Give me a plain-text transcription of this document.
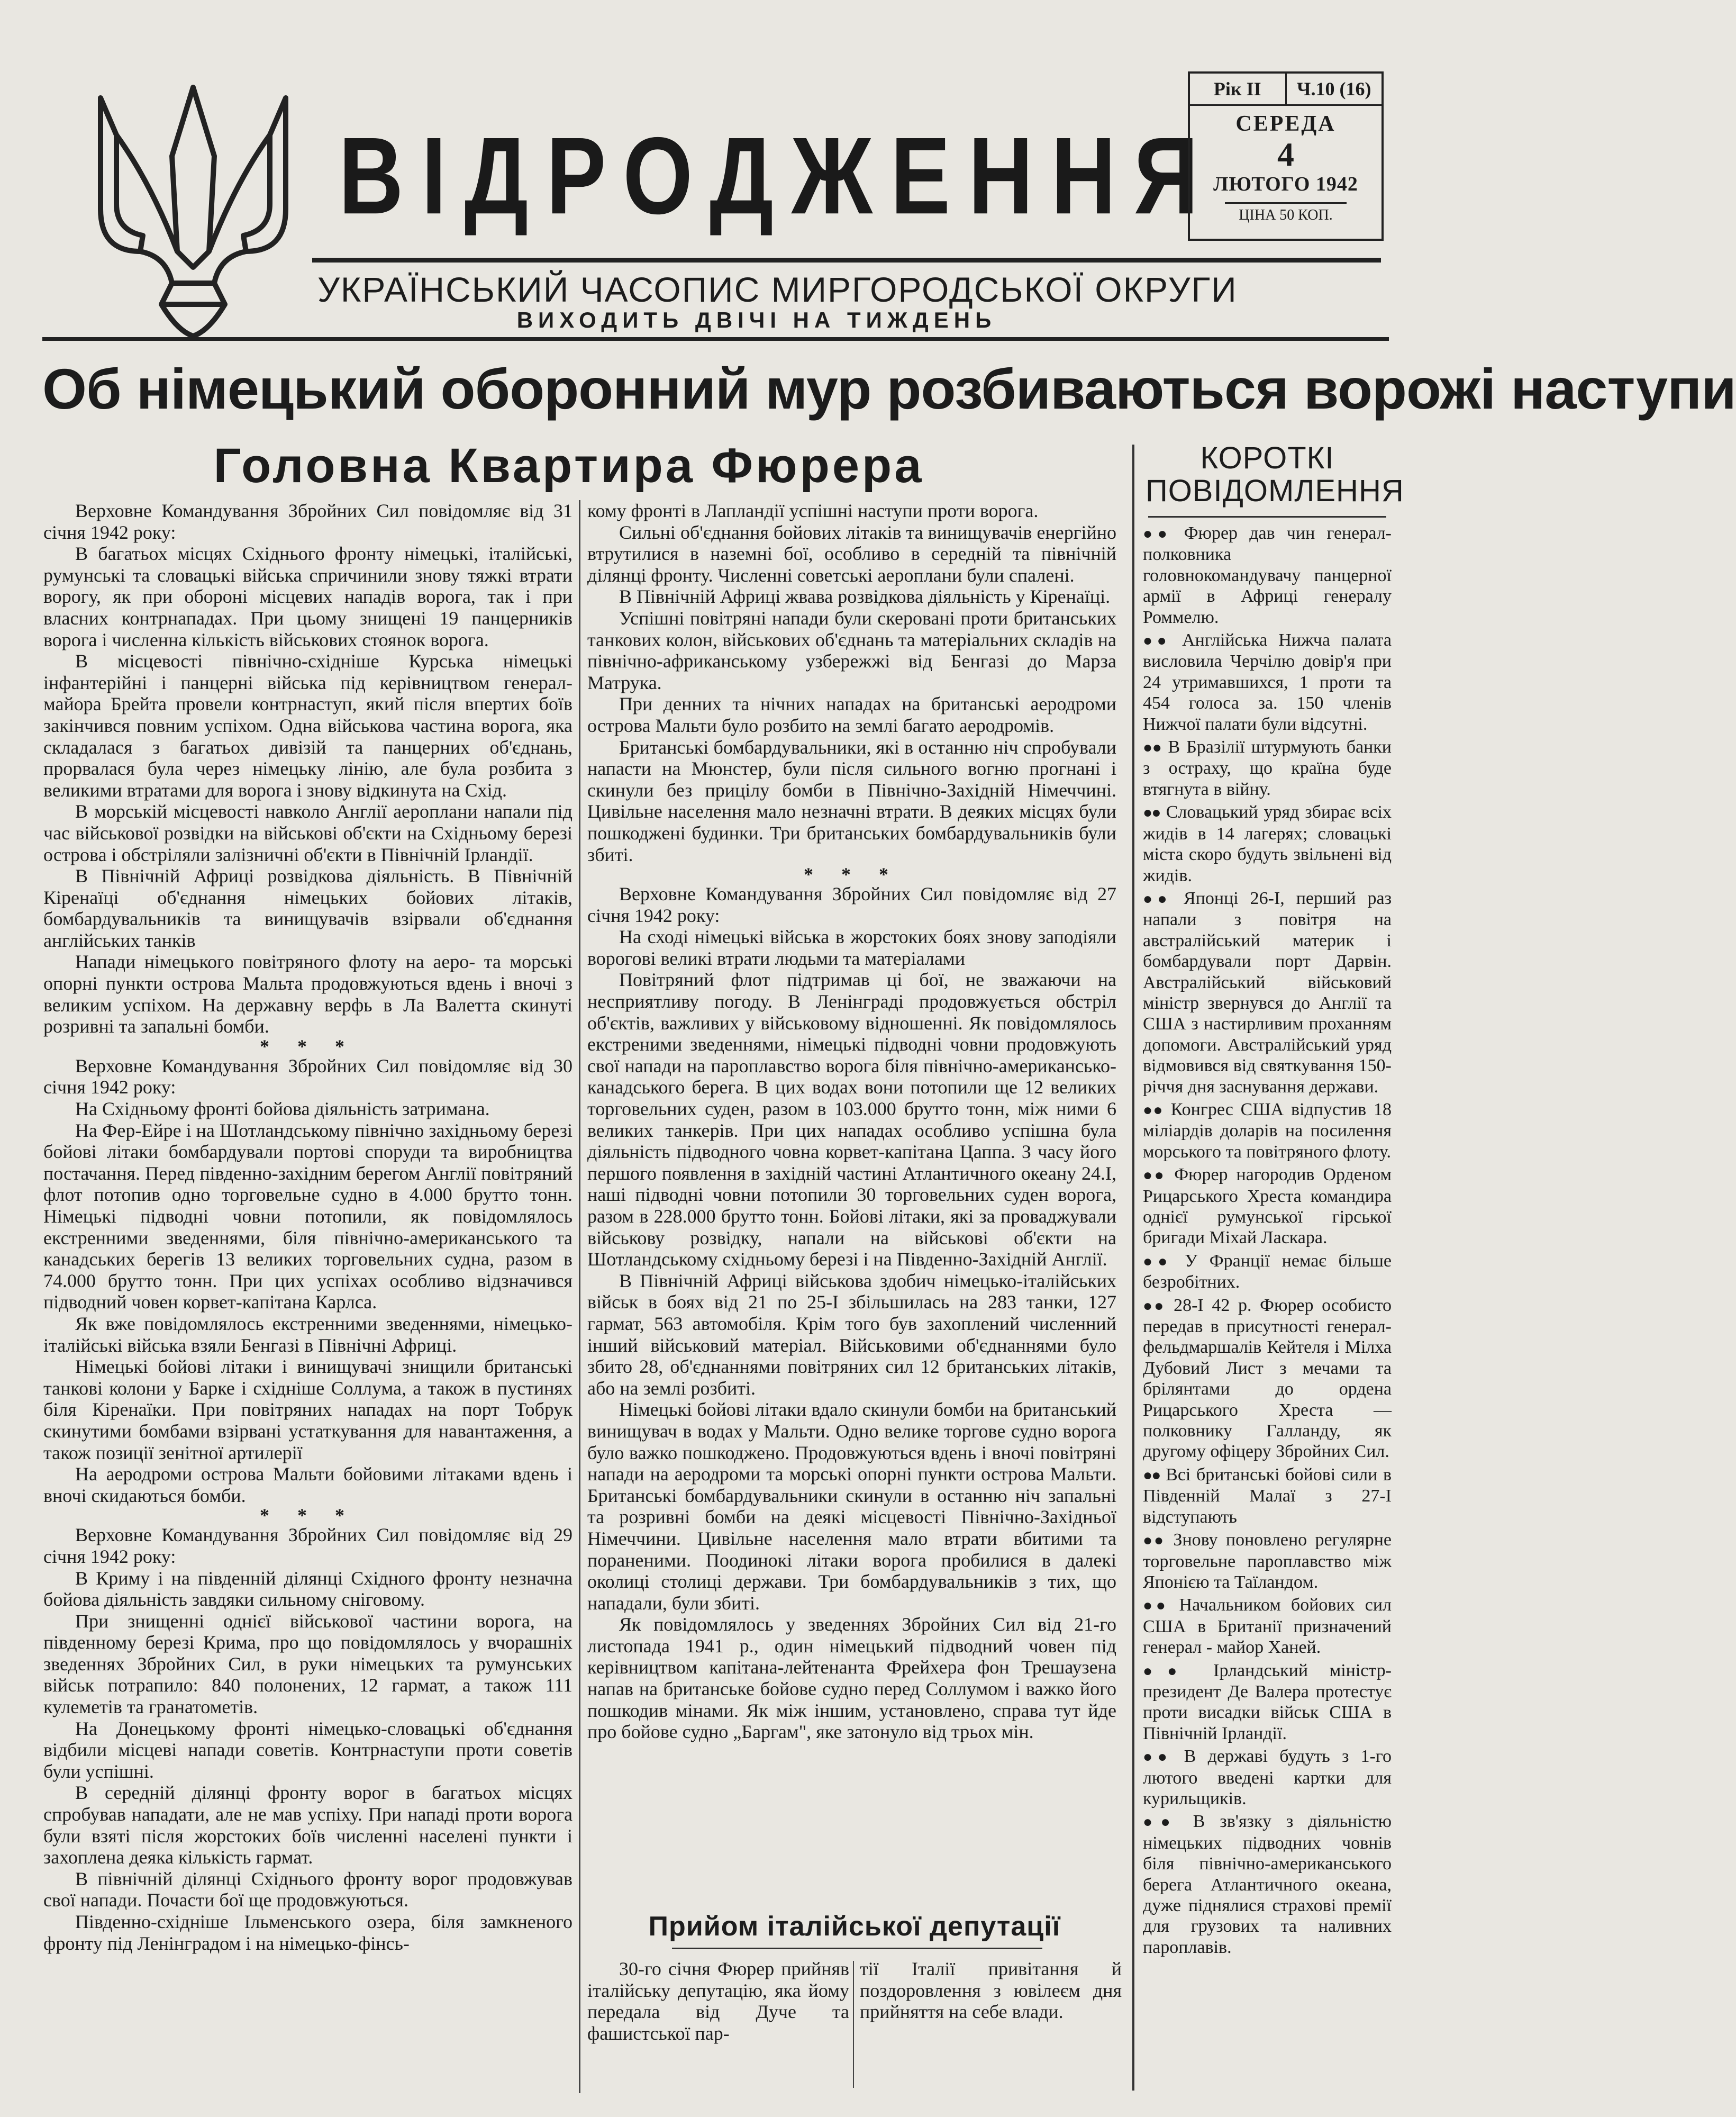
ВІДРОДЖЕННЯ
УКРАЇНСЬКИЙ ЧАСОПИС МИРГОРОДСЬКОЇ ОКРУГИ
ВИХОДИТЬ ДВІЧІ НА ТИЖДЕНЬ
Рік II	Ч.10 (16)
СЕРЕДА
4
ЛЮТОГО 1942
ЦІНА 50 КОП.
Об німецький оборонний мур розбиваються ворожі наступи
Головна Квартира Фюрера

Верховне Командування Збройних Сил повідомляє від 31 січня 1942 року:

В багатьох місцях Східнього фронту німецькі, італійські, румунські та словацькі війська спричинили знову тяжкі втрати ворогу, як при обороні місцевих нападів ворога, так і при власних контрнападах. При цьому знищені 19 панцерників ворога і численна кількість військових стоянок ворога.

В місцевості північно-східніше Курська німецькі інфантерійні і панцерні війська під керівництвом генерал-майора Брейта провели контрнаступ, який після впертих боїв закінчився повним успіхом. Одна військова частина ворога, яка складалася з багатьох дивізій та панцерних об'єднань, прорвалася була через німецьку лінію, але була розбита з великими втратами для ворога і знову відкинута на Схід.

В морській місцевості навколо Англії аероплани напали під час військової розвідки на військові об'єкти на Східньому березі острова і обстріляли залізничні об'єкти в Північній Ірландії.

В Північній Африці розвідкова діяльність. В Північній Кіренаїці об'єднання німецьких бойових літаків, бомбардувальників та винищувачів взірвали об'єднання англійських танків

Напади німецького повітряного флоту на аеро- та морські опорні пункти острова Мальта продовжуються вдень і вночі з великим успіхом. На державну верфь в Ла Валетта скинуті розривні та запальні бомби.

* * *

Верховне Командування Збройних Сил повідомляє від 30 січня 1942 року:

На Східньому фронті бойова діяльність затримана.

На Фер-Ейре і на Шотландському північно західньому березі бойові літаки бомбардували портові споруди та виробництва постачання. Перед південно-західним берегом Англії повітряний флот потопив одно торговельне судно в 4.000 брутто тонн. Німецькі підводні човни потопили, як повідомлялось екстренними зведеннями, біля північно-американського та канадських берегів 13 великих торговельних судна, разом в 74.000 брутто тонн. При цих успіхах особливо відзначився підводний човен корвет-капітана Карлса.

Як вже повідомлялось екстренними зведеннями, німецько-італійські війська взяли Бенгазі в Північні Африці.

Німецькі бойові літаки і винищувачі знищили британські танкові колони у Барке і східніше Соллума, а також в пустинях біля Кіренаїки. При повітряних нападах на порт Тобрук скинутими бомбами взірвані устаткування для навантаження, а також позиції зенітної артилерії

На аеродроми острова Мальти бойовими літаками вдень і вночі скидаються бомби.

* * *

Верховне Командування Збройних Сил повідомляє від 29 січня 1942 року:

В Криму і на південній ділянці Східного фронту незначна бойова діяльність завдяки сильному сніговому.

При знищенні однієї військової частини ворога, на південному березі Крима, про що повідомлялось у вчорашніх зведеннях Збройних Сил, в руки німецьких та румунських військ потрапило: 840 полонених, 12 гармат, а також 111 кулеметів та гранатометів.

На Донецькому фронті німецько-словацькі об'єднання відбили місцеві напади советів. Контрнаступи проти советів були успішні.

В середній ділянці фронту ворог в багатьох місцях спробував нападати, але не мав успіху. При нападі проти ворога були взяті після жорстоких боїв численні населені пункти і захоплена деяка кількість гармат.

В північній ділянці Східнього фронту ворог продовжував свої напади. Почасти бої ще продовжуються.

Південно-східніше Ільменського озера, біля замкненого фронту під Ленінградом і на німецько-фінсь-

кому фронті в Лапландії успішні наступи проти ворога.

Сильні об'єднання бойових літаків та винищувачів енергійно втрутилися в наземні бої, особливо в середній та північній ділянці фронту. Численні советські аероплани були спалені.

В Північній Африці жвава розвідкова діяльність у Кіренаїці.

Успішні повітряні напади були скеровані проти британських танкових колон, військових об'єднань та матеріальних складів на північно-африканському узбережжі від Бенгазі до Марза Матрука.

При денних та нічних нападах на британські аеродроми острова Мальти було розбито на землі багато аеродромів.

Британські бомбардувальники, які в останню ніч спробували напасти на Мюнстер, були після сильного вогню прогнані і скинули без прицілу бомби в Північно-Західній Німеччині. Цивільне населення мало незначні втрати. В деяких місцях були пошкоджені будинки. Три британських бомбардувальників були збиті.

* * *

Верховне Командування Збройних Сил повідомляє від 27 січня 1942 року:

На сході німецькі війська в жорстоких боях знову заподіяли ворогові великі втрати людьми та матеріалами

Повітряний флот підтримав ці бої, не зважаючи на несприятливу погоду. В Ленінграді продовжується обстріл об'єктів, важливих у військовому відношенні. Як повідомлялось екстреними зведеннями, німецькі підводні човни продовжують свої напади на пароплавство ворога біля північно-американсько-канадського берега. В цих водах вони потопили ще 12 великих торговельних суден, разом в 103.000 брутто тонн, між ними 6 великих танкерів. При цих нападах особливо успішна була діяльність підводного човна корвет-капітана Цаппа. З часу його першого появлення в західній частині Атлантичного океану 24.I, наші підводні човни потопили 30 торговельних суден ворога, разом в 228.000 брутто тонн. Бойові літаки, які за проваджували військову розвідку, напали на військові об'єкти на Шотландському східньому березі і на Південно-Західній Англії.

В Північній Африці військова здобич німецько-італійських військ в боях від 21 по 25-I збільшилась на 283 танки, 127 гармат, 563 автомобіля. Крім того був захоплений численний інший військовий матеріал. Військовими об'єднаннями було збито 28, об'єднаннями повітряних сил 12 британських літаків, або на землі розбиті.

Німецькі бойові літаки вдало скинули бомби на британський винищувач в водах у Мальти. Одно велике торгове судно ворога було важко пошкоджено. Продовжуються вдень і вночі повітряні напади на аеродроми та морські опорні пункти острова Мальти. Британські бомбардувальники скинули в останню ніч запальні та розривні бомби на деякі місцевості Північно-Західньої Німеччини. Цивільне населення мало втрати вбитими та пораненими. Поодинокі літаки ворога пробилися в далекі околиці столиці держави. Три бомбардувальників з тих, що нападали, були збиті.

Як повідомлялось у зведеннях Збройних Сил від 21-го листопада 1941 р., один німецький підводний човен під керівництвом капітана-лейтенанта Фрейхера фон Трешаузена напав на британське бойове судно перед Соллумом і важко його пошкодив мінами. Як між іншим, установлено, справа тут йде про бойове судно „Баргам", яке затонуло від трьох мін.

Прийом італійської депутації

30-го січня Фюрер прийняв італійську депутацію, яка йому передала від Дуче та фашистської пар-

тії Італії привітання й поздоровлення з ювілеєм дня прийняття на себе влади.

КОРОТКІ
ПОВІДОМЛЕННЯ

●● Фюрер дав чин генерал-полковника головнокомандувачу панцерної армії в Африці генералу Роммелю.

●● Англійська Нижча палата висловила Черчілю довір'я при 24 утримавшихся, 1 проти та 454 голоса за. 150 членів Нижчої палати були відсутні.

●● В Бразілії штурмують банки з остраху, що країна буде втягнута в війну.

●● Словацький уряд збирає всіх жидів в 14 лагерях; словацькі міста скоро будуть звільнені від жидів.

●● Японці 26-I, перший раз напали з повітря на австралійський материк і бомбардували порт Дарвін. Австралійський військовий міністр звернувся до Англії та США з настирливим проханням допомоги. Австралійський уряд відмовився від святкування 150-річчя дня заснування держави.

●● Конгрес США відпустив 18 міліардів доларів на посилення морського та повітряного флоту.

●● Фюрер нагородив Орденом Рицарського Хреста командира однієї румунської гірської бригади Міхай Ласкара.

●● У Франції немає більше безробітних.

●● 28-I 42 р. Фюрер особисто передав в присутності генерал-фельдмаршалів Кейтеля і Мілха Дубовий Лист з мечами та брілянтами до ордена Рицарського Хреста — полковнику Галланду, як другому офіцеру Збройних Сил.

●● Всі британські бойові сили в Південній Малаї з 27-I відступають

●● Знову поновлено регулярне торговельне пароплавство між Японією та Таїландом.

●● Начальником бойових сил США в Британії призначений генерал - майор Ханей.

●● Ірландський міністр-президент Де Валера протестує проти висадки військ США в Північній Ірландії.

●● В державі будуть з 1-го лютого введені картки для курильщиків.

●● В зв'язку з діяльністю німецьких підводних човнів біля північно-американського берега Атлантичного океана, дуже піднялися страхові премії для грузових та наливних пароплавів.
